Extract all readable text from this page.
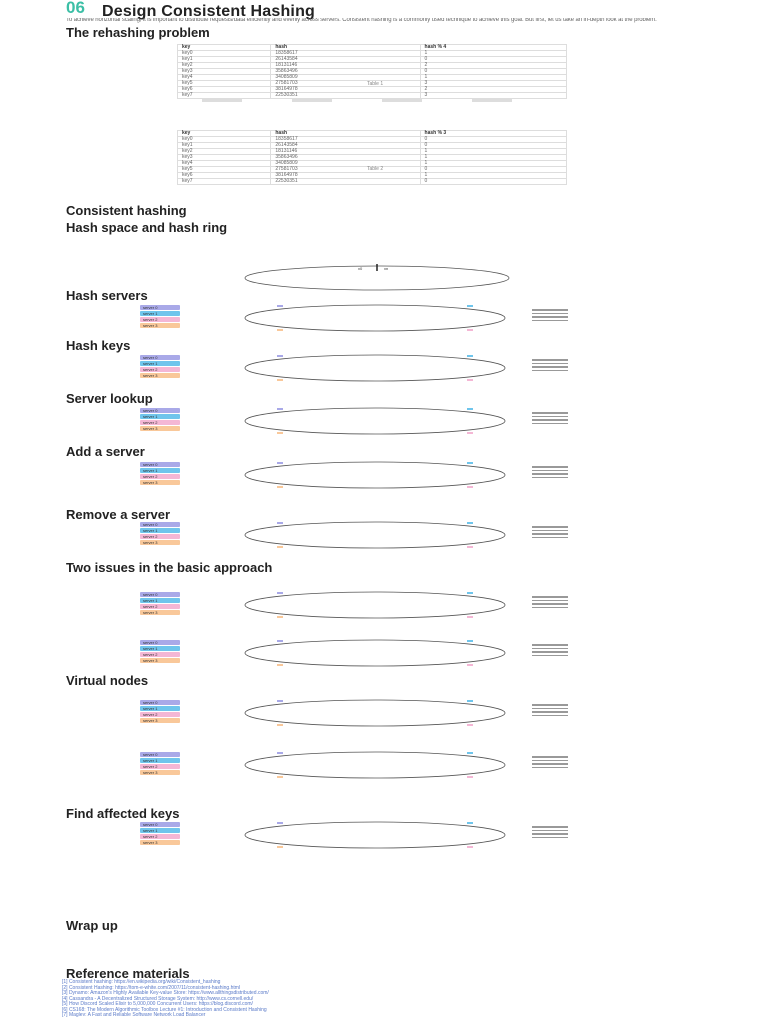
06 Design Consistent Hashing
To achieve horizontal scaling, it is important to distribute requests/data efficiently and evenly across servers. Consistent hashing is a commonly used technique to achieve this goal. But first, let us take an in-depth look at the problem.
The rehashing problem
key	hash	hash % 4
key0	18358617	1
key1	26143584	0
key2	18131146	2
key3	35863496	0
key4	34085809	1
key5	27581703	3
key6	38164978	2
key7	22530351	3
Table 1
Consistent hashing
key	hash	hash % 3
key0	18358617	0
key1	26143584	0
key2	18131146	1
key3	35863496	1
key4	34085809	1
key5	27581703	0
key6	38164978	1
key7	22530351	0
Table 2
Hash space and hash ring
x0	xn
Hash servers
Hash keys
Server lookup
Add a server
Remove a server
Two issues in the basic approach
Virtual nodes
Find affected keys
Wrap up
Reference materials
server 0
server 1
server 2
server 3
server 0
server 1
server 2
server 3
server 0
server 1
server 2
server 3
server 0
server 1
server 2
server 3
server 0
server 1
server 2
server 3
server 0
server 1
server 2
server 3
server 0
server 1
server 2
server 3
server 0
server 1
server 2
server 3
server 0
server 1
server 2
server 3
server 0
server 1
server 2
server 3
[1] Consistent hashing: https://en.wikipedia.org/wiki/Consistent_hashing
[2] Consistent Hashing: https://tom-e-white.com/2007/11/consistent-hashing.html
[3] Dynamo: Amazon's Highly Available Key-value Store: https://www.allthingsdistributed.com/
[4] Cassandra - A Decentralized Structured Storage System: http://www.cs.cornell.edu/
[5] How Discord Scaled Elixir to 5,000,000 Concurrent Users: https://blog.discord.com/
[6] CS168: The Modern Algorithmic Toolbox Lecture #1: Introduction and Consistent Hashing
[7] Maglev: A Fast and Reliable Software Network Load Balancer
